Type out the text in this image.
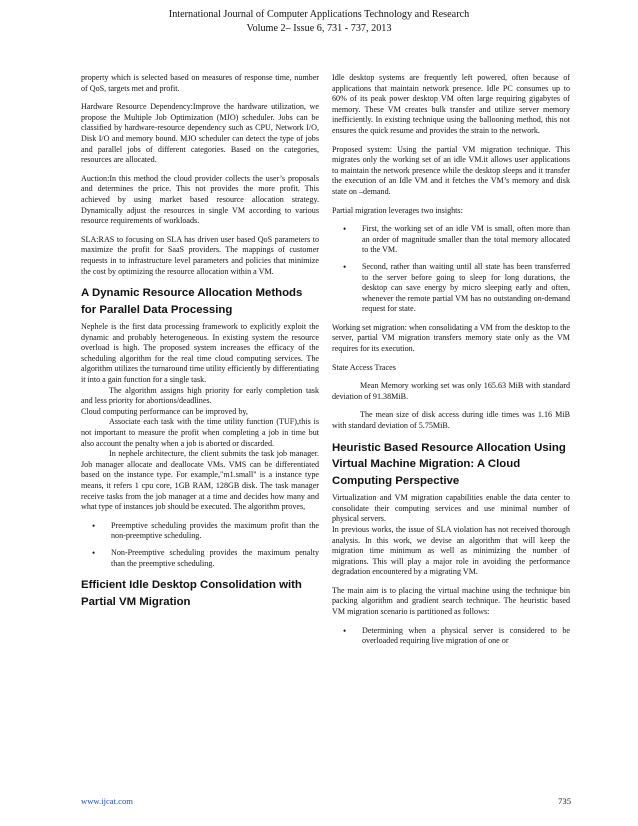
International Journal of Computer Applications Technology and Research
Volume 2– Issue 6, 731 - 737, 2013

property which is selected based on measures of response time, number of QoS, targets met and profit.

Hardware Resource Dependency:Improve the hardware utilization, we propose the Multiple Job Optimization (MJO) scheduler. Jobs can be classified by hardware-resource dependency such as CPU, Network I/O, Disk I/O and memory bound. MJO scheduler can detect the type of jobs and parallel jobs of different categories. Based on the categories, resources are allocated.

Auction:In this method the cloud provider collects the user’s proposals and determines the price. This not provides the more profit. This achieved by using market based resource allocation strategy. Dynamically adjust the resources in single VM according to various resource requirements of workloads.

SLA:RAS to focusing on SLA has driven user based QoS parameters to maximize the profit for SaaS providers. The mappings of customer requests in to infrastructure level parameters and policies that minimize the cost by optimizing the resource allocation within a VM.

A Dynamic Resource Allocation Methods for Parallel Data Processing

Nephele is the first data processing framework to explicitly exploit the dynamic and probably heterogeneous. In existing system the resource overload is high. The proposed system increases the efficacy of the scheduling algorithm for the real time cloud computing services. The algorithm utilizes the turnaround time utility efficiently by differentiating it into a gain function for a single task.

The algorithm assigns high priority for early completion task and less priority for abortions/deadlines.

Cloud computing performance can be improved by,

Associate each task with the time utility function (TUF),this is not important to measure the profit when completing a job in time but also account the penalty when a job is aborted or discarded.

In nephele architecture, the client submits the task job manager. Job manager allocate and deallocate VMs. VMS can be differentiated based on the instance type. For example,"m1.small" is a instance type means, it refers 1 cpu core, 1GB RAM, 128GB disk. The task manager receive tasks from the job manager at a time and decides how many and what type of instances job should be executed. The algorithm proves,

• Preemptive scheduling provides the maximum profit than the non-preemptive scheduling.
• Non-Preemptive scheduling provides the maximum penalty than the preemptive scheduling.
Efficient Idle Desktop Consolidation with Partial VM Migration

Idle desktop systems are frequently left powered, often because of applications that maintain network presence. Idle PC consumes up to 60% of its peak power desktop VM often large requiring gigabytes of memory. These VM creates bulk transfer and utilize server memory inefficiently. In existing technique using the ballooning method, this not ensures the quick resume and provides the strain to the network.

Proposed system: Using the partial VM migration technique. This migrates only the working set of an idle VM.it allows user applications to maintain the network presence while the desktop sleeps and it transfer the execution of an Idle VM and it fetches the VM’s memory and disk state on –demand.

Partial migration leverages two insights:

• First, the working set of an idle VM is small, often more than an order of magnitude smaller than the total memory allocated to the VM.
• Second, rather than waiting until all state has been transferred to the server before going to sleep for long durations, the desktop can save energy by micro sleeping early and often, whenever the remote partial VM has no outstanding on-demand request for state.

Working set migration: when consolidating a VM from the desktop to the server, partial VM migration transfers memory state only as the VM requires for its execution.

State Access Traces

Mean Memory working set was only 165.63 MiB with standard deviation of 91.38MiB.

The mean size of disk access during idle times was 1.16 MiB with standard deviation of 5.75MiB.

Heuristic Based Resource Allocation Using Virtual Machine Migration: A Cloud Computing Perspective

Virtualization and VM migration capabilities enable the data center to consolidate their computing services and use minimal number of physical servers.

In previous works, the issue of SLA violation has not received thorough analysis. In this work, we devise an algorithm that will keep the migration time minimum as well as minimizing the number of migrations. This will play a major role in avoiding the performance degradation encountered by a migrating VM.

The main aim is to placing the virtual machine using the technique bin packing algorithm and gradient search technique. The heuristic based VM migration scenario is partitioned as follows:

• Determining when a physical server is considered to be overloaded requiring live migration of one or
www.ijcat.com	735
